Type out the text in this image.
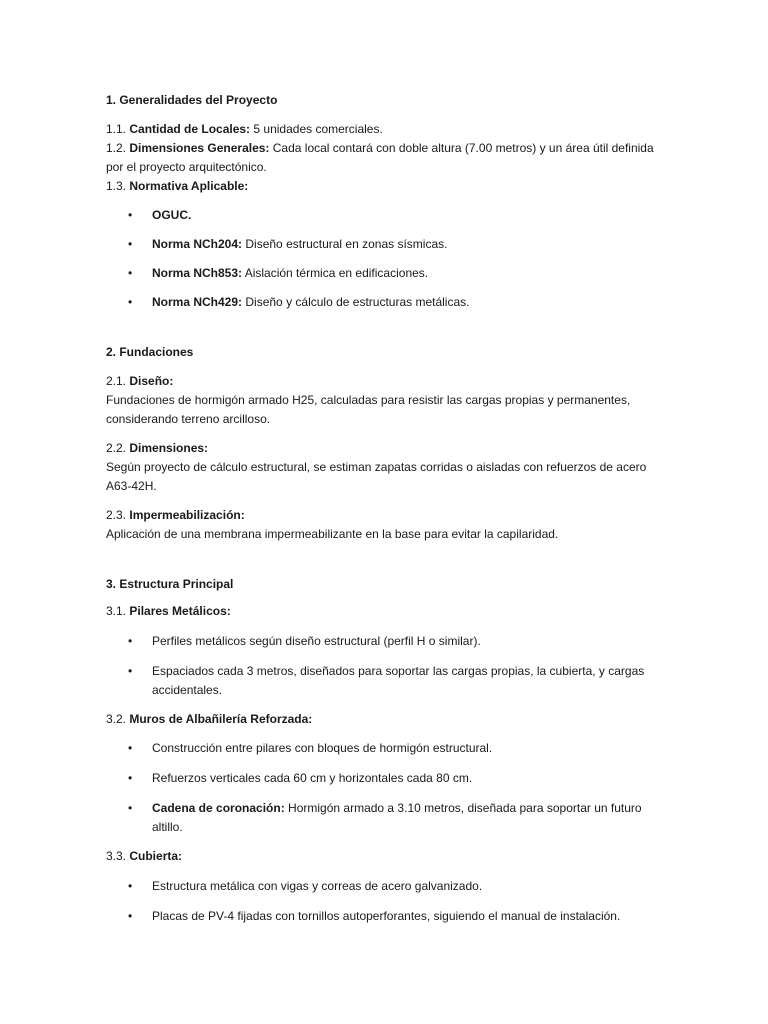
1. Generalidades del Proyecto

1.1. Cantidad de Locales: 5 unidades comerciales.

1.2. Dimensiones Generales: Cada local contará con doble altura (7.00 metros) y un área útil definida por el proyecto arquitectónico.

1.3. Normativa Aplicable:

• OGUC.
• Norma NCh204: Diseño estructural en zonas sísmicas.
• Norma NCh853: Aislación térmica en edificaciones.
• Norma NCh429: Diseño y cálculo de estructuras metálicas.

2. Fundaciones

2.1. Diseño:

Fundaciones de hormigón armado H25, calculadas para resistir las cargas propias y permanentes, considerando terreno arcilloso.

2.2. Dimensiones:

Según proyecto de cálculo estructural, se estiman zapatas corridas o aisladas con refuerzos de acero A63-42H.

2.3. Impermeabilización:

Aplicación de una membrana impermeabilizante en la base para evitar la capilaridad.

3. Estructura Principal

3.1. Pilares Metálicos:

• Perfiles metálicos según diseño estructural (perfil H o similar).
• Espaciados cada 3 metros, diseñados para soportar las cargas propias, la cubierta, y cargas accidentales.

3.2. Muros de Albañilería Reforzada:

• Construcción entre pilares con bloques de hormigón estructural.
• Refuerzos verticales cada 60 cm y horizontales cada 80 cm.
• Cadena de coronación: Hormigón armado a 3.10 metros, diseñada para soportar un futuro altillo.

3.3. Cubierta:

• Estructura metálica con vigas y correas de acero galvanizado.
• Placas de PV-4 fijadas con tornillos autoperforantes, siguiendo el manual de instalación.
